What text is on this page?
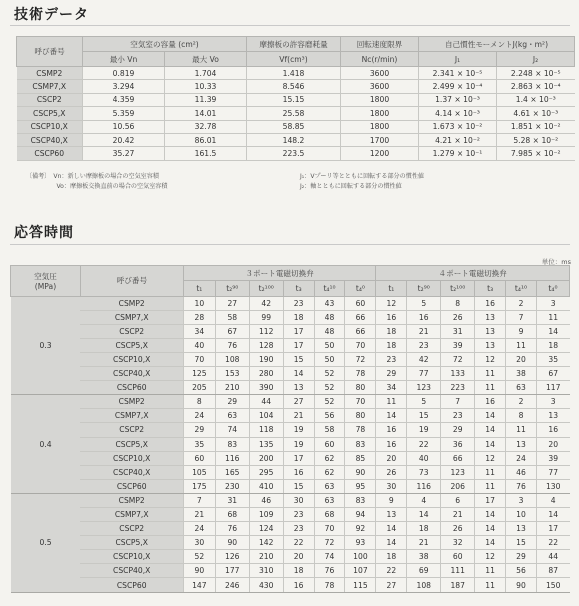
技術データ
呼び番号	空気室の容量 (cm²)		摩擦板の許容磨耗量	回転速度限界	自己慣性モーメントJ(kg・m²)	
	最小 Vn	最大 Vo	Vf(cm³)	Nc(r/min)	J₁	J₂
CSMP2	0.819	1.704	1.418	3600	2.341 × 10⁻⁵	2.248 × 10⁻⁵
CSMP7,X	3.294	10.33	8.546	3600	2.499 × 10⁻⁴	2.863 × 10⁻⁴
CSCP2	4.359	11.39	15.15	1800	1.37 × 10⁻³	1.4 × 10⁻³
CSCP5,X	5.359	14.01	25.58	1800	4.14 × 10⁻³	4.61 × 10⁻³
CSCP10,X	10.56	32.78	58.85	1800	1.673 × 10⁻²	1.851 × 10⁻²
CSCP40,X	20.42	86.01	148.2	1700	4.21 × 10⁻²	5.28 × 10⁻²
CSCP60	35.27	161.5	223.5	1200	1.279 × 10⁻¹	7.985 × 10⁻²
〔備考〕　Vn：新しい摩擦板の場合の空気室容積
　　　　　Vo：摩擦板交換直前の場合の空気室容積
J₁：Vプーリ等とともに回転する部分の慣性値
J₂：軸とともに回転する部分の慣性値
応答時間
単位：ms
空気圧
(MPa)	呼び番号	３ポート電磁切換弁						４ポート電磁切換弁					
		t₁	t₂⁹⁰	t₂¹⁰⁰	t₃	t₄¹⁰	t₄⁰	t₁	t₂⁹⁰	t₂¹⁰⁰	t₃	t₄¹⁰	t₄⁰
0.3	CSMP2	10	27	42	23	43	60	12	5	8	16	2	3
	CSMP7,X	28	58	99	18	48	66	16	16	26	13	7	11
	CSCP2	34	67	112	17	48	66	18	21	31	13	9	14
	CSCP5,X	40	76	128	17	50	70	18	23	39	13	11	18
	CSCP10,X	70	108	190	15	50	72	23	42	72	12	20	35
	CSCP40,X	125	153	280	14	52	78	29	77	133	11	38	67
	CSCP60	205	210	390	13	52	80	34	123	223	11	63	117
0.4	CSMP2	8	29	44	27	52	70	11	5	7	16	2	3
	CSMP7,X	24	63	104	21	56	80	14	15	23	14	8	13
	CSCP2	29	74	118	19	58	78	16	19	29	14	11	16
	CSCP5,X	35	83	135	19	60	83	16	22	36	14	13	20
	CSCP10,X	60	116	200	17	62	85	20	40	66	12	24	39
	CSCP40,X	105	165	295	16	62	90	26	73	123	11	46	77
	CSCP60	175	230	410	15	63	95	30	116	206	11	76	130
0.5	CSMP2	7	31	46	30	63	83	9	4	6	17	3	4
	CSMP7,X	21	68	109	23	68	94	13	14	21	14	10	14
	CSCP2	24	76	124	23	70	92	14	18	26	14	13	17
	CSCP5,X	30	90	142	22	72	93	14	21	32	14	15	22
	CSCP10,X	52	126	210	20	74	100	18	38	60	12	29	44
	CSCP40,X	90	177	310	18	76	107	22	69	111	11	56	87
	CSCP60	147	246	430	16	78	115	27	108	187	11	90	150
